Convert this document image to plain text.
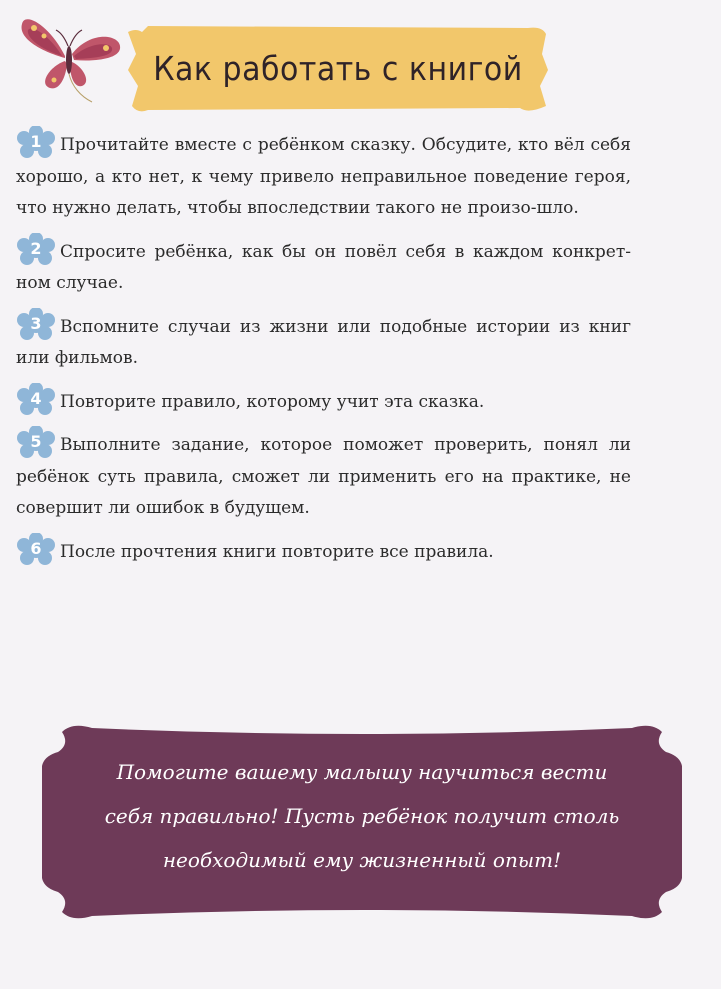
Как работать с книгой

1	Прочитайте вместе с ребёнком сказку. Обсудите, кто вёл себя хорошо, а кто нет, к чему привело неправильное поведение героя, что нужно делать, чтобы впоследствии такого не произо-шло.

2	Спросите ребёнка, как бы он повёл себя в каждом конкрет-ном случае.

3	Вспомните случаи из жизни или подобные истории из книг или фильмов.

4	Повторите правило, которому учит эта сказка.

5	Выполните задание, которое поможет проверить, понял ли ребёнок суть правила, сможет ли применить его на практике, не совершит ли ошибок в будущем.

6	После прочтения книги повторите все правила.

Помогите вашему малышу научиться вести
себя правильно! Пусть ребёнок получит столь
необходимый ему жизненный опыт!
